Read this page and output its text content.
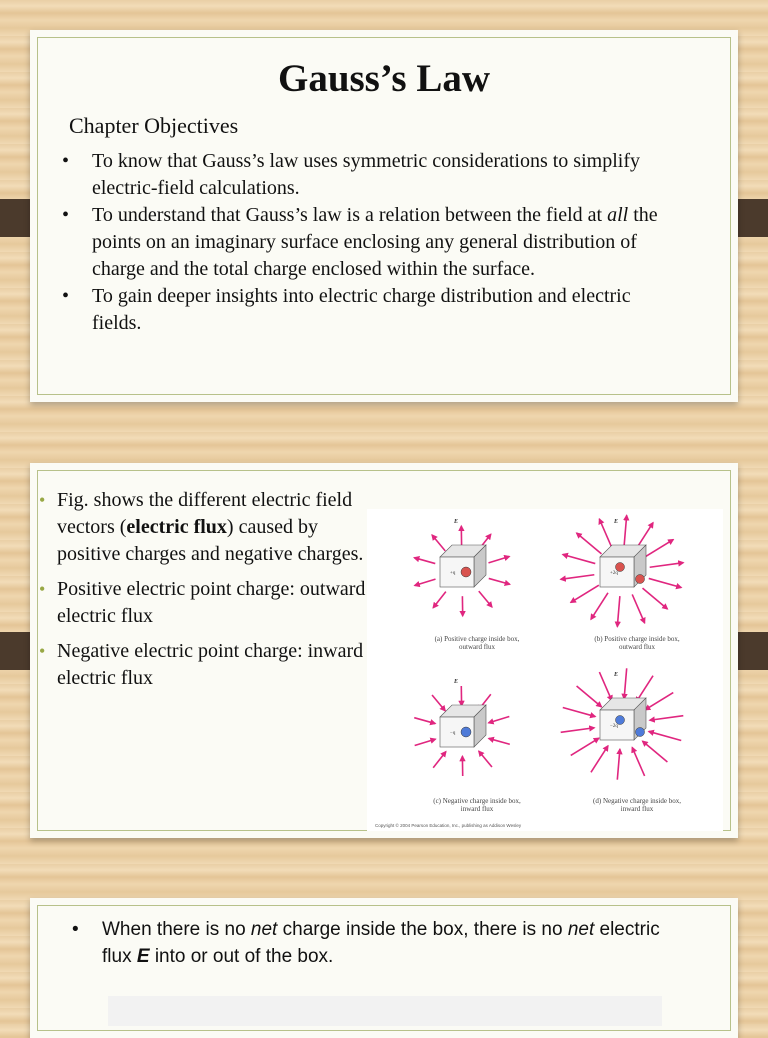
Gauss’s Law
Chapter Objectives
• To know that Gauss’s law uses symmetric considerations to simplify electric-field calculations.
• To understand that Gauss’s law is a relation between the field at all the points on an imaginary surface enclosing any general distribution of charge and the total charge enclosed within the surface.
• To gain deeper insights into electric charge distribution and electric fields.
• Fig. shows the different electric field vectors (electric flux) caused by positive charges and negative charges.
• Positive electric point charge: outward electric flux
• Negative electric point charge: inward electric flux
+q
E
(a) Positive charge inside box,
outward flux
+2q
E
(b) Positive charge inside box,
outward flux
−q
E
(c) Negative charge inside box,
inward flux
−2q
E
(d) Negative charge inside box,
inward flux
Copyright © 2004 Pearson Education, Inc., publishing as Addison Wesley
•	When there is no net charge inside the box, there is no net electric flux E into or out of the box.
